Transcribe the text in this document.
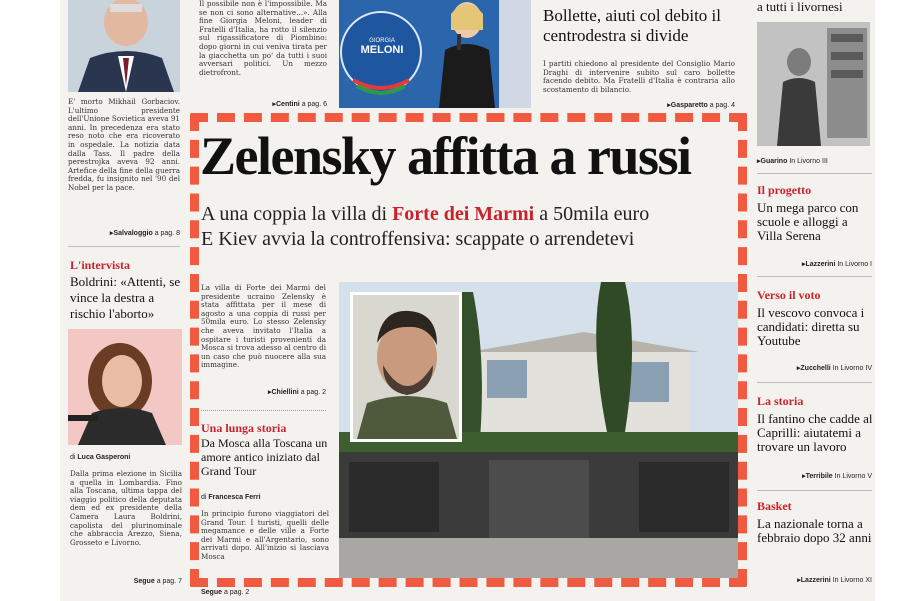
E' morto Mikhail Gorbaciov. L'ultimo presidente dell'Unione Sovietica aveva 91 anni. In precedenza era stato reso noto che era ricoverato in ospedale. La notizia data dalla Tass. Il padre della perestrojka aveva 92 anni. Artefice della fine della guerra fredda, fu insignito nel '90 del Nobel per la pace.
▸Salvaloggio a pag. 8
L'intervista
Boldrini: «Attenti, se vince la destra a rischio l'aborto»
di Luca Gasperoni
Dalla prima elezione in Sicilia a quella in Lombardia. Fino alla Toscana, ultima tappa del viaggio politico della deputata dem ed ex presidente della Camera Laura Boldrini, capolista del plurinominale che abbraccia Arezzo, Siena, Grosseto e Livorno.
Segue a pag. 7
Il possibile non è l'impossibile. Ma se non ci sono alternative...». Alla fine Giorgia Meloni, leader di Fratelli d'Italia, ha rotto il silenzio sul rigassificatore di Piombino: dopo giorni in cui veniva tirata per la giacchetta un po' da tutti i suoi avversari politici. Un mezzo dietrofront.
▸Centini a pag. 6
GIORGIA
MELONI
Bollette, aiuti col debito il centrodestra si divide
I partiti chiedono al presidente del Consiglio Mario Draghi di intervenire subito sul caro bollette facendo debito. Ma Fratelli d'Italia è contraria allo scostamento di bilancio.
▸Gasparetto a pag. 4
Zelensky affitta a russi
A una coppia la villa di Forte dei Marmi a 50mila euro
E Kiev avvia la controffensiva: scappate o arrendetevi
La villa di Forte dei Marmi del presidente ucraino Zelensky è stata affittata per il mese di agosto a una coppia di russi per 50mila euro. Lo stesso Zelensky che aveva invitato l'Italia a ospitare i turisti provenienti da Mosca si trova adesso al centro di un caso che può nuocere alla sua immagine.
▸Chiellini a pag. 2
Una lunga storia
Da Mosca alla Toscana un amore antico iniziato dal Grand Tour
di Francesca Ferri
In principio furono viaggiatori del Grand Tour. I turisti, quelli delle megamance e delle ville a Forte dei Marmi e all'Argentario, sono arrivati dopo. All'inizio si lasciava Mosca
a tutti i livornesi
▸Guarino In Livorno III
Il progetto
Un mega parco con scuole e alloggi a Villa Serena
▸Lazzerini In Livorno I
Verso il voto
Il vescovo convoca i candidati: diretta su Youtube
▸Zucchelli In Livorno IV
La storia
Il fantino che cadde al Caprilli: aiutatemi a trovare un lavoro
▸Terribile In Livorno V
Basket
La nazionale torna a febbraio dopo 32 anni
▸Lazzerini In Livorno XI
Segue a pag. 2
